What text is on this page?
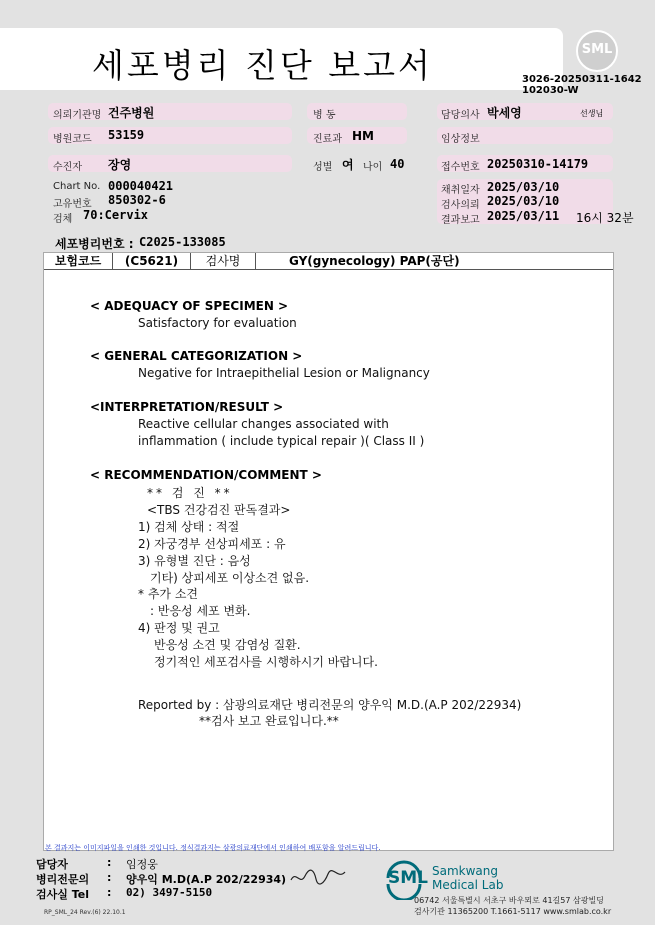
세포병리 진단 보고서	SML
3026-20250311-1642
102030-W
의뢰기관명 건주병원	병 동	담당의사 박세영	선생님
병원코드 53159	진료과 HM	임상정보
수진자 장영	성별 여 나이 40	접수번호 20250310-14179
Chart No. 000040421
고유번호 850302-6
검체 70:Cervix
채취일자 2025/03/10
검사의뢰 2025/03/10
결과보고 2025/03/11 16시 32분
세포병리번호 : C2025-133085
보험코드	(C5621)	검사명	GY(gynecology) PAP(공단)
< ADEQUACY OF SPECIMEN >
Satisfactory for evaluation
< GENERAL CATEGORIZATION >
Negative for Intraepithelial Lesion or Malignancy
<INTERPRETATION/RESULT >
Reactive cellular changes associated with
inflammation ( include typical repair )( Class II )
< RECOMMENDATION/COMMENT >
** 검 진 **
<TBS 건강검진 판독결과>
1) 검체 상태 : 적절
2) 자궁경부 선상피세포 : 유
3) 유형별 진단 : 음성
기타) 상피세포 이상소견 없음.
* 추가 소견
: 반응성 세포 변화.
4) 판정 및 권고
반응성 소견 및 감염성 질환.
정기적인 세포검사를 시행하시기 바랍니다.
Reported by : 삼광의료재단 병리전문의 양우익 M.D.(A.P 202/22934)
**검사 보고 완료입니다.**
본 결과지는 이미지파일을 인쇄한 것입니다. 정식결과지는 삼광의료재단에서 인쇄하여 배포함을 알려드립니다.
담당자	: 임정웅
병리전문의 : 양우익 M.D(A.P 202/22934)
검사실 Tel : 02) 3497-5150
RP_SML_24 Rev.(6) 22.10.1
SML Samkwang
Medical Lab
06742 서울특별시 서초구 바우뫼로 41길57 삼광빌딩
검사기관 11365200 T.1661-5117 www.smlab.co.kr
